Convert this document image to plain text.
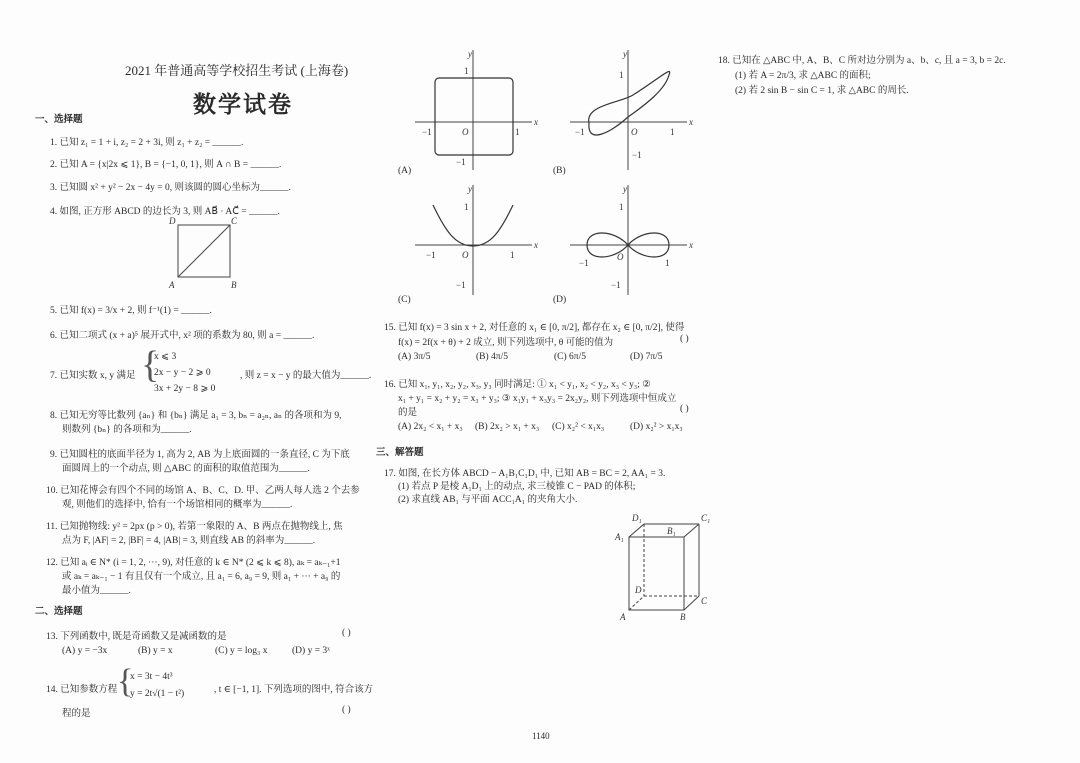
2021 年普通高等学校招生考试 (上海卷)
数学试卷
一、选择题
1. 已知 z₁ = 1 + i, z₂ = 2 + 3i, 则 z₁ + z₂ = ______.
2. 已知 A = {x|2x ⩽ 1}, B = {−1, 0, 1}, 则 A ∩ B = ______.
3. 已知圆 x² + y² − 2x − 4y = 0, 则该圆的圆心坐标为______.
4. 如图, 正方形 ABCD 的边长为 3, 则 AB⃗ · AC⃗ = ______.
D	C
A	B
5. 已知 f(x) = 3/x + 2, 则 f⁻¹(1) = ______.
6. 已知二项式 (x + a)⁵ 展开式中, x² 项的系数为 80, 则 a = ______.
7. 已知实数 x, y 满足 {
x ⩽ 3
2x − y − 2 ⩾ 0
3x + 2y − 8 ⩾ 0
, 则 z = x − y 的最大值为______.
8. 已知无穷等比数列 {aₙ} 和 {bₙ} 满足 a₁ = 3, bₙ = a₂ₙ, aₙ 的各项和为 9,
则数列 {bₙ} 的各项和为______.
9. 已知圆柱的底面半径为 1, 高为 2, AB 为上底面圆的一条直径, C 为下底
面圆周上的一个动点, 则 △ABC 的面积的取值范围为______.
10. 已知花博会有四个不同的场馆 A、B、C、D. 甲、乙两人每人选 2 个去参
观, 则他们的选择中, 恰有一个场馆相同的概率为______.
11. 已知抛物线: y² = 2px (p > 0), 若第一象限的 A、B 两点在抛物线上, 焦
点为 F, |AF| = 2, |BF| = 4, |AB| = 3, 则直线 AB 的斜率为______.
12. 已知 aᵢ ∈ N* (i = 1, 2, ···, 9), 对任意的 k ∈ N* (2 ⩽ k ⩽ 8), aₖ = aₖ₋₁+1
或 aₖ = aₖ₋₁ − 1 有且仅有一个成立, 且 a₁ = 6, a₉ = 9, 则 a₁ + ··· + a₉ 的
最小值为______.
二、选择题
13. 下列函数中, 既是奇函数又是减函数的是	( )
(A) y = −3x	(B) y = x	(C) y = log₃ x	(D) y = 3ˣ
14. 已知参数方程 {
x = 3t − 4t³
y = 2t√(1 − t²)	, t ∈ [−1, 1]. 下列选项的图中, 符合该方
程的是	( )
x
y
O	1
−1
1
−1
(A)
x
y
O	1
−1
1
−1
(B)
x
y
O	1
−1
1
−1
(C)
x
y
O
1
−1
1
−1
(D)
15. 已知 f(x) = 3 sin x + 2, 对任意的 x₁ ∈ [0, π/2], 都存在 x₂ ∈ [0, π/2], 使得
f(x) = 2f(x + θ) + 2 成立, 则下列选项中, θ 可能的值为	( )
(A) 3π/5	(B) 4π/5	(C) 6π/5	(D) 7π/5
16. 已知 x₁, y₁, x₂, y₂, x₃, y₃ 同时满足: ① x₁ < y₁, x₂ < y₂, x₃ < y₃; ②
x₁ + y₁ = x₂ + y₂ = x₃ + y₃; ③ x₁y₁ + x₃y₃ = 2x₂y₂, 则下列选项中恒成立
的是	( )
(A) 2x₂ < x₁ + x₃ (B) 2x₂ > x₁ + x₃ (C) x₂² < x₁x₃	(D) x₂² > x₁x₃
三、解答题
17. 如图, 在长方体 ABCD − A₁B₁C₁D₁ 中, 已知 AB = BC = 2, AA₁ = 3.
(1) 若点 P 是棱 A₁D₁ 上的动点, 求三棱锥 C − PAD 的体积;
(2) 求直线 AB₁ 与平面 ACC₁A₁ 的夹角大小.
D₁	C₁
A₁
B₁
D
C
A	B
18. 已知在 △ABC 中, A、B、C 所对边分别为 a、b、c, 且 a = 3, b = 2c.
(1) 若 A = 2π/3, 求 △ABC 的面积;
(2) 若 2 sin B − sin C = 1, 求 △ABC 的周长.
1140
